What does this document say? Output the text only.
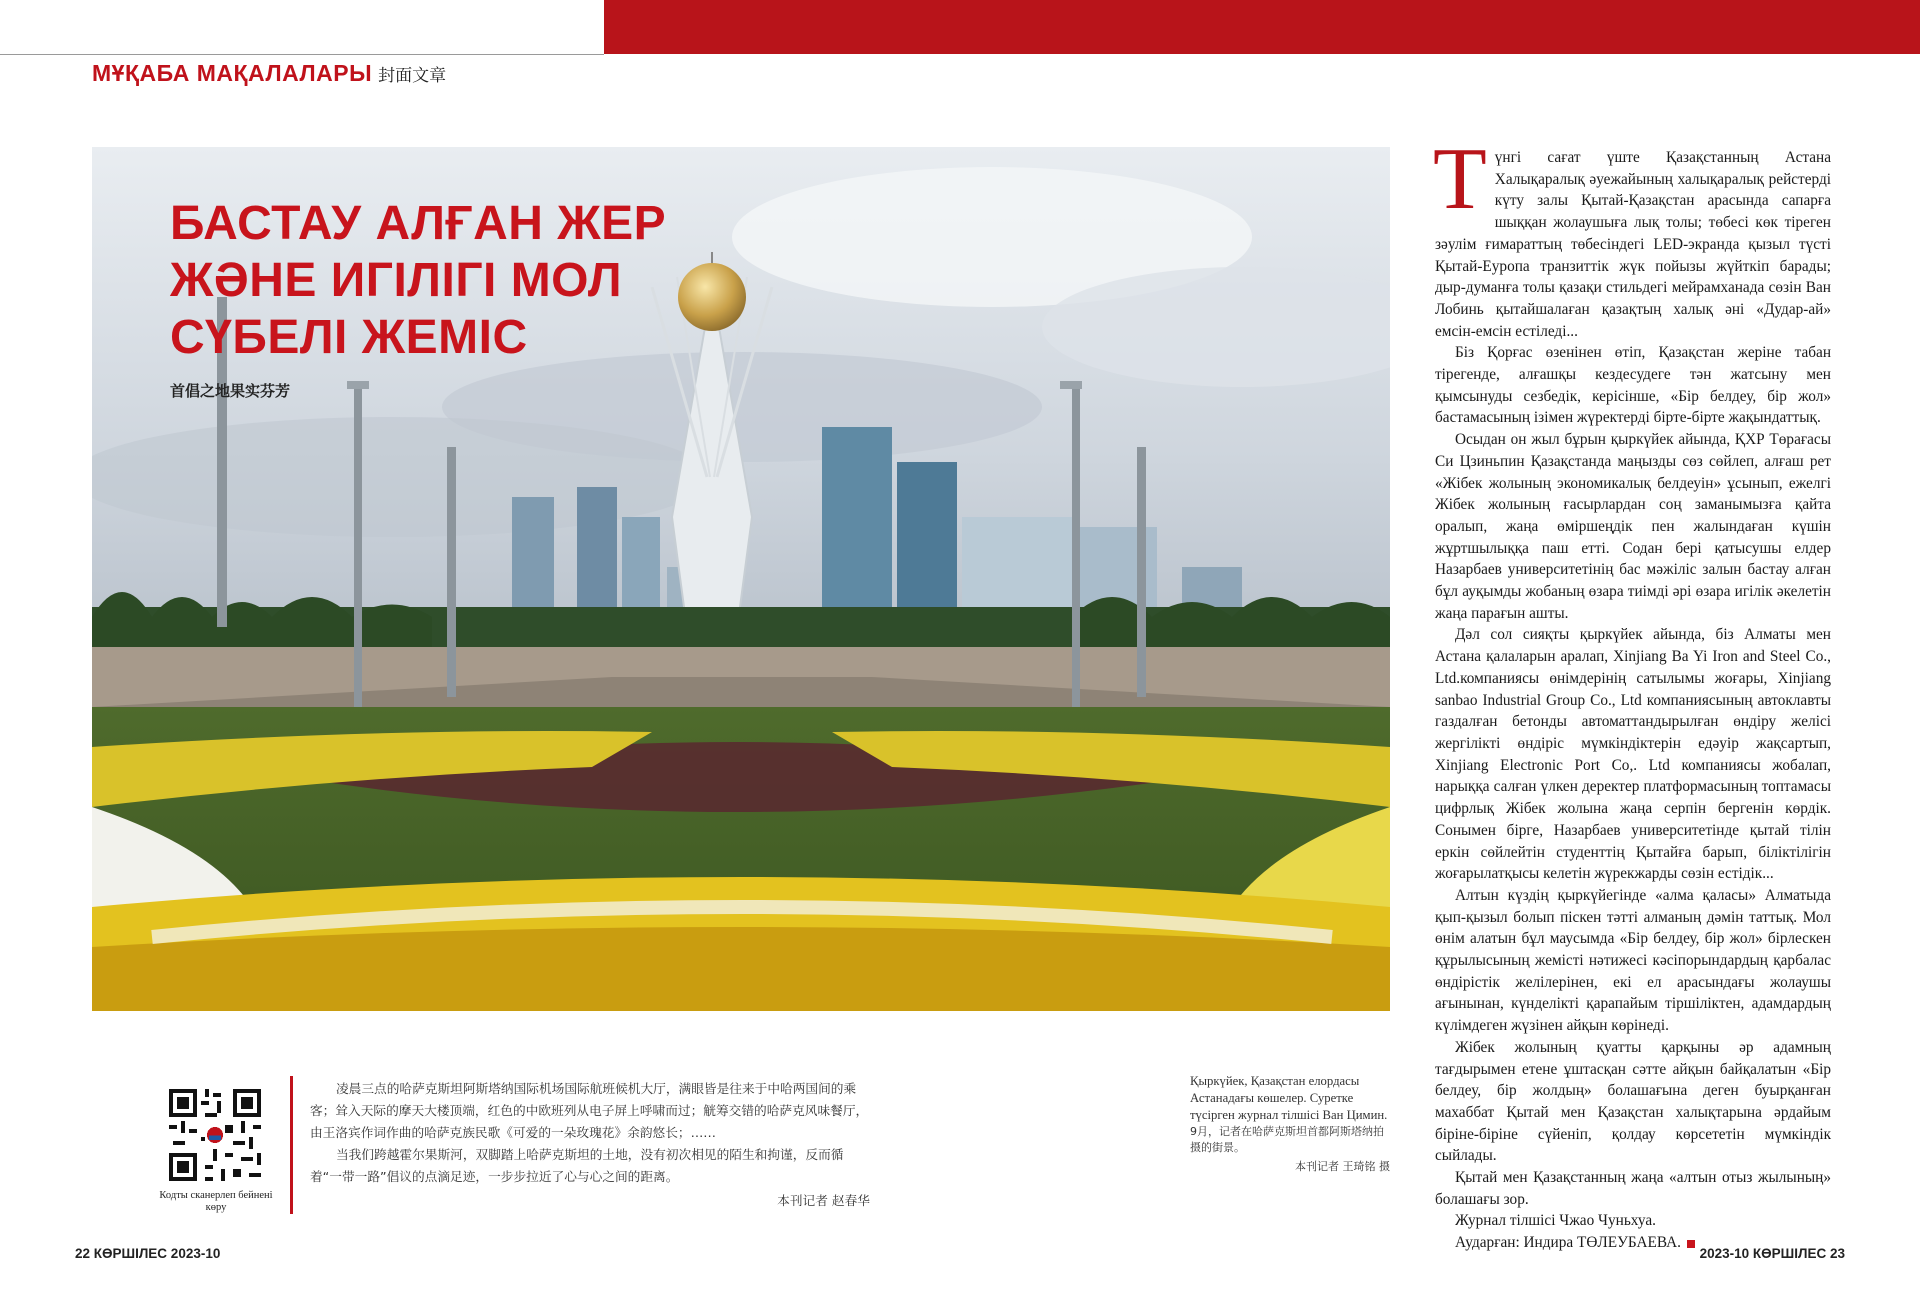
МҰҚАБА МАҚАЛАЛАРЫ 封面文章
БАСТАУ АЛҒАН ЖЕР
ЖӘНЕ ИГІЛІГІ МОЛ
СҮБЕЛІ ЖЕМІС
首倡之地果实芬芳

Түнгі сағат үште Қазақстанның Астана Халықаралық әуежайының халықаралық рейстерді күту залы Қытай-Қазақстан арасында сапарға шыққан жолаушыға лық толы; төбесі көк тіреген зәулім ғимараттың төбесіндегі LED-экранда қызыл түсті Қытай-Еуропа транзиттік жүк пойызы жүйткіп барады; дыр-думанға толы қазақи стильдегі мейрамханада сөзін Ван Лобинь қытайшалаған қазақтың халық әні «Дудар-ай» емсін-емсін естіледі...

Біз Қорғас өзенінен өтіп, Қазақстан жеріне табан тірегенде, алғашқы кездесудеге тән жатсыну мен қымсынуды сезбедік, керісінше, «Бір белдеу, бір жол» бастамасының ізімен жүректерді бірте-бірте жақындаттық.

Осыдан он жыл бұрын қыркүйек айында, ҚХР Төрағасы Си Цзиньпин Қазақстанда маңызды сөз сөйлеп, алғаш рет «Жібек жолының экономикалық белдеуін» ұсынып, ежелгі Жібек жолының ғасырлардан соң заманымызға қайта оралып, жаңа өміршеңдік пен жалындаған күшін жұртшылыққа паш етті. Содан бері қатысушы елдер Назарбаев университетінің бас мәжіліс залын бастау алған бұл ауқымды жобаның өзара тиімді әрі өзара игілік әкелетін жаңа парағын ашты.

Дәл сол сияқты қыркүйек айында, біз Алматы мен Астана қалаларын аралап, Xinjiang Ba Yi Iron and Steel Co., Ltd.компаниясы өнімдерінің сатылымы жоғары, Xinjiang sanbao Industrial Group Co., Ltd компаниясының автоклавты газдалған бетонды автоматтандырылған өндіру желісі жергілікті өндіріс мүмкіндіктерін едәуір жақсартып, Xinjiang Electronic Port Co,. Ltd компаниясы жобалап, нарыққа салған үлкен деректер платформасының топтамасы цифрлық Жібек жолына жаңа серпін бергенін көрдік. Сонымен бірге, Назарбаев университетінде қытай тілін еркін сөйлейтін студенттің Қытайға барып, біліктілігін жоғарылатқысы келетін жүрекжарды сөзін естідік...

Алтын күздің қыркүйегінде «алма қаласы» Алматыда қып-қызыл болып піскен тәтті алманың дәмін таттық. Мол өнім алатын бұл маусымда «Бір белдеу, бір жол» бірлескен құрылысының жемісті нәтижесі кәсіпорындардың қарбалас өндірістік желілерінен, екі ел арасындағы жолаушы ағынынан, күнделікті қарапайым тіршіліктен, адамдардың күлімдеген жүзінен айқын көрінеді.

Жібек жолының қуатты қарқыны әр адамның тағдырымен етене ұштасқан сәтте айқын байқалатын «Бір белдеу, бір жолдың» болашағына деген буырқанған махаббат Қытай мен Қазақстан халықтарына әрдайым біріне-біріне сүйеніп, қолдау көрсететін мүмкіндік сыйлады.

Қытай мен Қазақстанның жаңа «алтын отыз жылының» болашағы зор.

Журнал тілшісі Чжао Чуньхуа.

Аударған: Индира ТӨЛЕУБАЕВА.

Кодты сканерлеп бейнені көру

凌晨三点的哈萨克斯坦阿斯塔纳国际机场国际航班候机大厅，满眼皆是往来于中哈两国间的乘客；耸入天际的摩天大楼顶端，红色的中欧班列从电子屏上呼啸而过；觥筹交错的哈萨克风味餐厅，由王洛宾作词作曲的哈萨克族民歌《可爱的一朵玫瑰花》余韵悠长；……

当我们跨越霍尔果斯河，双脚踏上哈萨克斯坦的土地，没有初次相见的陌生和拘谨，反而循着“一带一路”倡议的点滴足迹，一步步拉近了心与心之间的距离。

本刊记者 赵春华
Қыркүйек, Қазақстан елордасы Астанадағы көшелер. Суретке түсірген журнал тілшісі Ван Цимин.
9月，记者在哈萨克斯坦首都阿斯塔纳拍摄的街景。
本刊记者 王琦铭 摄
22 КӨРШІЛЕС 2023-10	2023-10 КӨРШІЛЕС 23
